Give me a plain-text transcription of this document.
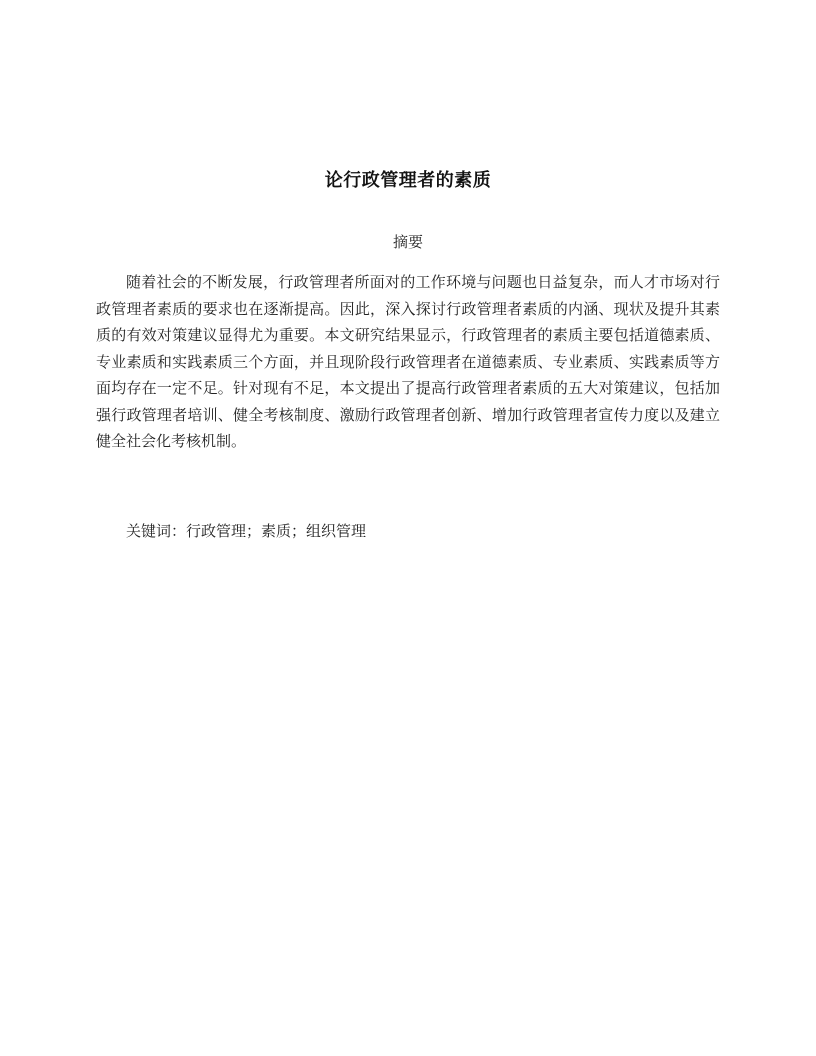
论行政管理者的素质
摘要

随着社会的不断发展，行政管理者所面对的工作环境与问题也日益复杂，而人才市场对行政管理者素质的要求也在逐渐提高。因此，深入探讨行政管理者素质的内涵、现状及提升其素质的有效对策建议显得尤为重要。本文研究结果显示，行政管理者的素质主要包括道德素质、专业素质和实践素质三个方面，并且现阶段行政管理者在道德素质、专业素质、实践素质等方面均存在一定不足。针对现有不足，本文提出了提高行政管理者素质的五大对策建议，包括加强行政管理者培训、健全考核制度、激励行政管理者创新、增加行政管理者宣传力度以及建立健全社会化考核机制。

关键词：行政管理；素质；组织管理
